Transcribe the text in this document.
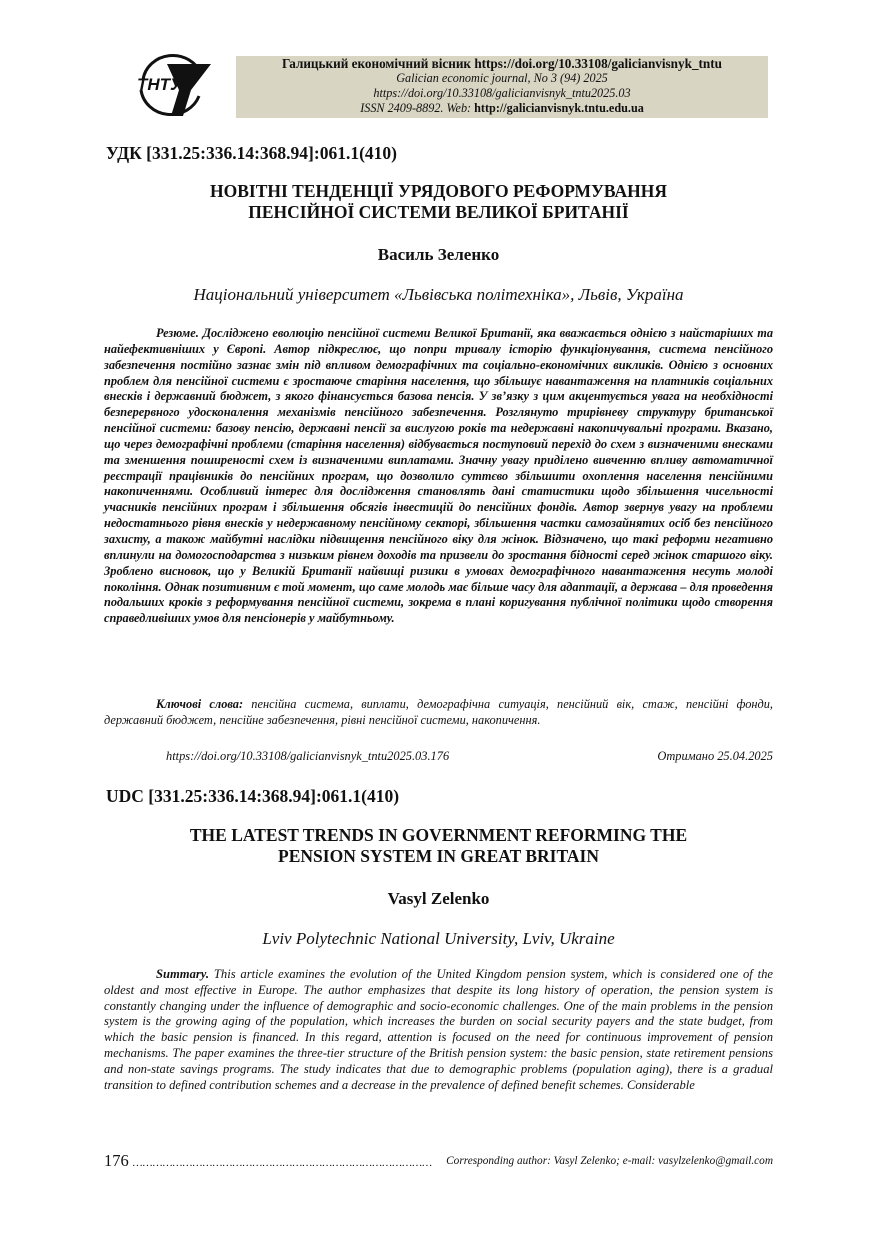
ТНТУ
Галицький економічний вісник https://doi.org/10.33108/galicianvisnyk_tntu
Galician economic journal, No 3 (94) 2025
https://doi.org/10.33108/galicianvisnyk_tntu2025.03
ISSN 2409-8892. Web: http://galicianvisnyk.tntu.edu.ua
УДК [331.25:336.14:368.94]:061.1(410)
НОВІТНІ ТЕНДЕНЦІЇ УРЯДОВОГО РЕФОРМУВАННЯ
ПЕНСІЙНОЇ СИСТЕМИ ВЕЛИКОЇ БРИТАНІЇ
Василь Зеленко
Національний університет «Львівська політехніка», Львів, Україна

Резюме. Досліджено еволюцію пенсійної системи Великої Британії, яка вважається однією з найстаріших та найефективніших у Європі. Автор підкреслює, що попри тривалу історію функціонування, система пенсійного забезпечення постійно зазнає змін під впливом демографічних та соціально-економічних викликів. Однією з основних проблем для пенсійної системи є зростаюче старіння населення, що збільшує навантаження на платників соціальних внесків і державний бюджет, з якого фінансується базова пенсія. У зв’язку з цим акцентується увага на необхідності безперервного удосконалення механізмів пенсійного забезпечення. Розглянуто трирівневу структуру британської пенсійної системи: базову пенсію, державні пенсії за вислугою років та недержавні накопичувальні програми. Вказано, що через демографічні проблеми (старіння населення) відбувається поступовий перехід до схем з визначеними внесками та зменшення поширеності схем із визначеними виплатами. Значну увагу приділено вивченню впливу автоматичної реєстрації працівників до пенсійних програм, що дозволило суттєво збільшити охоплення населення пенсійними накопиченнями. Особливий інтерес для дослідження становлять дані статистики щодо збільшення чисельності учасників пенсійних програм і збільшення обсягів інвестицій до пенсійних фондів. Автор звернув увагу на проблеми недостатнього рівня внесків у недержавному пенсійному секторі, збільшення частки самозайнятих осіб без пенсійного захисту, а також майбутні наслідки підвищення пенсійного віку для жінок. Відзначено, що такі реформи негативно вплинули на домогосподарства з низьким рівнем доходів та призвели до зростання бідності серед жінок старшого віку. Зроблено висновок, що у Великій Британії найвищі ризики в умовах демографічного навантаження несуть молоді покоління. Однак позитивним є той момент, що саме молодь має більше часу для адаптації, а держава – для проведення подальших кроків з реформування пенсійної системи, зокрема в плані коригування публічної політики щодо створення справедливіших умов для пенсіонерів у майбутньому.

Ключові слова: пенсійна система, виплати, демографічна ситуація, пенсійний вік, стаж, пенсійні фонди, державний бюджет, пенсійне забезпечення, рівні пенсійної системи, накопичення.

https://doi.org/10.33108/galicianvisnyk_tntu2025.03.176	Отримано 25.04.2025
UDC [331.25:336.14:368.94]:061.1(410)
THE LATEST TRENDS IN GOVERNMENT REFORMING THE
PENSION SYSTEM IN GREAT BRITAIN
Vasyl Zelenko
Lviv Polytechnic National University, Lviv, Ukraine

Summary. This article examines the evolution of the United Kingdom pension system, which is considered one of the oldest and most effective in Europe. The author emphasizes that despite its long history of operation, the pension system is constantly changing under the influence of demographic and socio-economic challenges. One of the main problems in the pension system is the growing aging of the population, which increases the burden on social security payers and the state budget, from which the basic pension is financed. In this regard, attention is focused on the need for continuous improvement of pension mechanisms. The paper examines the three-tier structure of the British pension system: the basic pension, state retirement pensions and non-state savings programs. The study indicates that due to demographic problems (population aging), there is a gradual transition to defined contribution schemes and a decrease in the prevalence of defined benefit schemes. Considerable

176 ……………………………………………………………………………… Corresponding author: Vasyl Zelenko; e-mail: vasylzelenko@gmail.com
